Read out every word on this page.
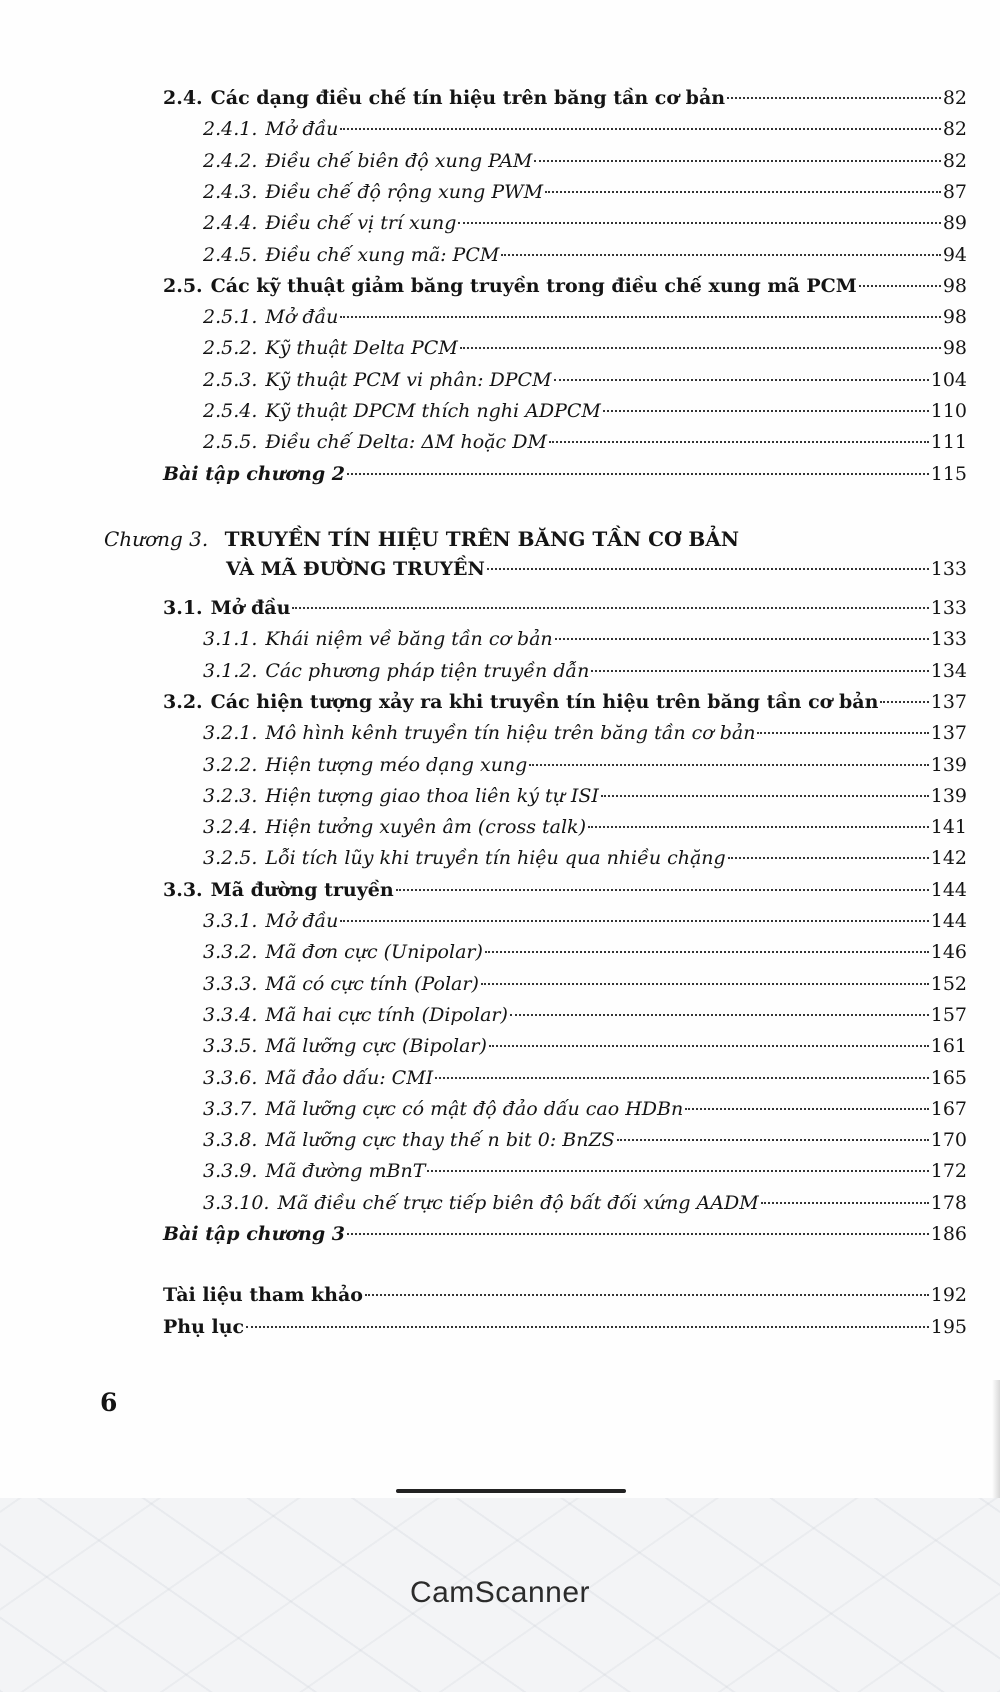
2.4. Các dạng điều chế tín hiệu trên băng tần cơ bản	82
2.4.1. Mở đầu	82
2.4.2. Điều chế biên độ xung PAM	82
2.4.3. Điều chế độ rộng xung PWM	87
2.4.4. Điều chế vị trí xung	89
2.4.5. Điều chế xung mã: PCM	94
2.5. Các kỹ thuật giảm băng truyền trong điều chế xung mã PCM	98
2.5.1. Mở đầu	98
2.5.2. Kỹ thuật Delta PCM	98
2.5.3. Kỹ thuật PCM vi phân: DPCM	104
2.5.4. Kỹ thuật DPCM thích nghi ADPCM	110
2.5.5. Điều chế Delta: ΔM hoặc DM	111
Bài tập chương 2	115
3.1. Mở đầu	133
3.1.1. Khái niệm về băng tần cơ bản	133
3.1.2. Các phương pháp tiện truyền dẫn	134
3.2. Các hiện tượng xảy ra khi truyền tín hiệu trên băng tần cơ bản	137
3.2.1. Mô hình kênh truyền tín hiệu trên băng tần cơ bản	137
3.2.2. Hiện tượng méo dạng xung	139
3.2.3. Hiện tượng giao thoa liên ký tự ISI	139
3.2.4. Hiện tưởng xuyên âm (cross talk)	141
3.2.5. Lỗi tích lũy khi truyền tín hiệu qua nhiều chặng	142
3.3. Mã đường truyền	144
3.3.1. Mở đầu	144
3.3.2. Mã đơn cực (Unipolar)	146
3.3.3. Mã có cực tính (Polar)	152
3.3.4. Mã hai cực tính (Dipolar)	157
3.3.5. Mã lưỡng cực (Bipolar)	161
3.3.6. Mã đảo dấu: CMI	165
3.3.7. Mã lưỡng cực có mật độ đảo dấu cao HDBn	167
3.3.8. Mã lưỡng cực thay thế n bit 0: BnZS	170
3.3.9. Mã đường mBnT	172
3.3.10. Mã điều chế trực tiếp biên độ bất đối xứng AADM	178
Bài tập chương 3	186
Tài liệu tham khảo	192
Phụ lục	195
Chương 3. TRUYỀN TÍN HIỆU TRÊN BĂNG TẦN CƠ BẢN
VÀ MÃ ĐƯỜNG TRUYỀN	133
6
CamScanner
